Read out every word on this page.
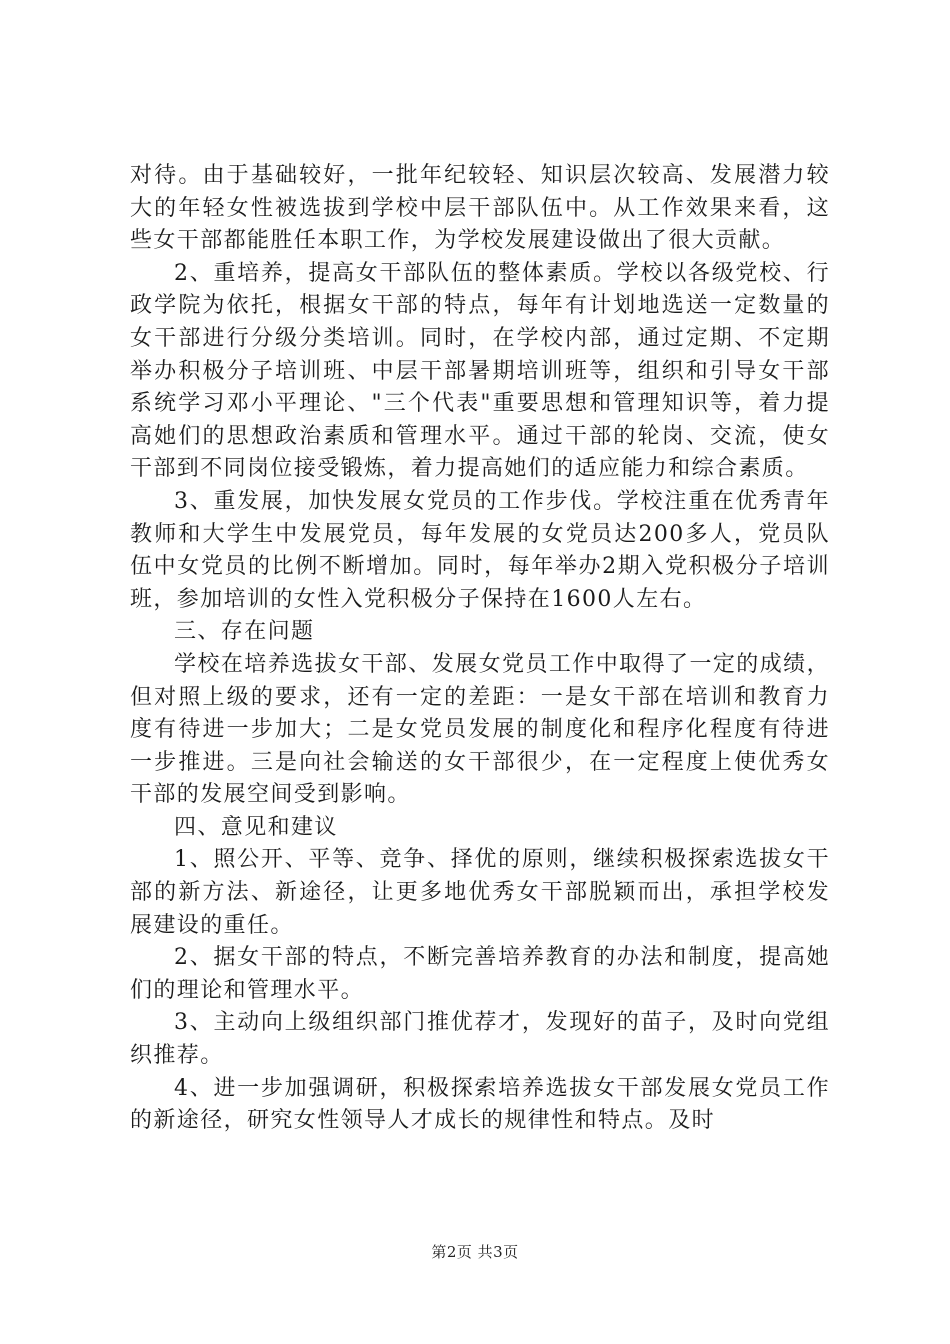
对待。由于基础较好，一批年纪较轻、知识层次较高、发展潜力较大的年轻女性被选拔到学校中层干部队伍中。从工作效果来看，这些女干部都能胜任本职工作，为学校发展建设做出了很大贡献。

2、重培养，提高女干部队伍的整体素质。学校以各级党校、行政学院为依托，根据女干部的特点，每年有计划地选送一定数量的女干部进行分级分类培训。同时，在学校内部，通过定期、不定期举办积极分子培训班、中层干部暑期培训班等，组织和引导女干部系统学习邓小平理论、"三个代表"重要思想和管理知识等，着力提高她们的思想政治素质和管理水平。通过干部的轮岗、交流，使女干部到不同岗位接受锻炼，着力提高她们的适应能力和综合素质。

3、重发展，加快发展女党员的工作步伐。学校注重在优秀青年教师和大学生中发展党员，每年发展的女党员达200多人，党员队伍中女党员的比例不断增加。同时，每年举办2期入党积极分子培训班，参加培训的女性入党积极分子保持在1600人左右。

三、存在问题

学校在培养选拔女干部、发展女党员工作中取得了一定的成绩，但对照上级的要求，还有一定的差距：一是女干部在培训和教育力度有待进一步加大；二是女党员发展的制度化和程序化程度有待进一步推进。三是向社会输送的女干部很少，在一定程度上使优秀女干部的发展空间受到影响。

四、意见和建议

1、照公开、平等、竞争、择优的原则，继续积极探索选拔女干部的新方法、新途径，让更多地优秀女干部脱颖而出，承担学校发展建设的重任。

2、据女干部的特点，不断完善培养教育的办法和制度，提高她们的理论和管理水平。

3、主动向上级组织部门推优荐才，发现好的苗子，及时向党组织推荐。

4、进一步加强调研，积极探索培养选拔女干部发展女党员工作的新途径，研究女性领导人才成长的规律性和特点。及时

第2页 共3页
